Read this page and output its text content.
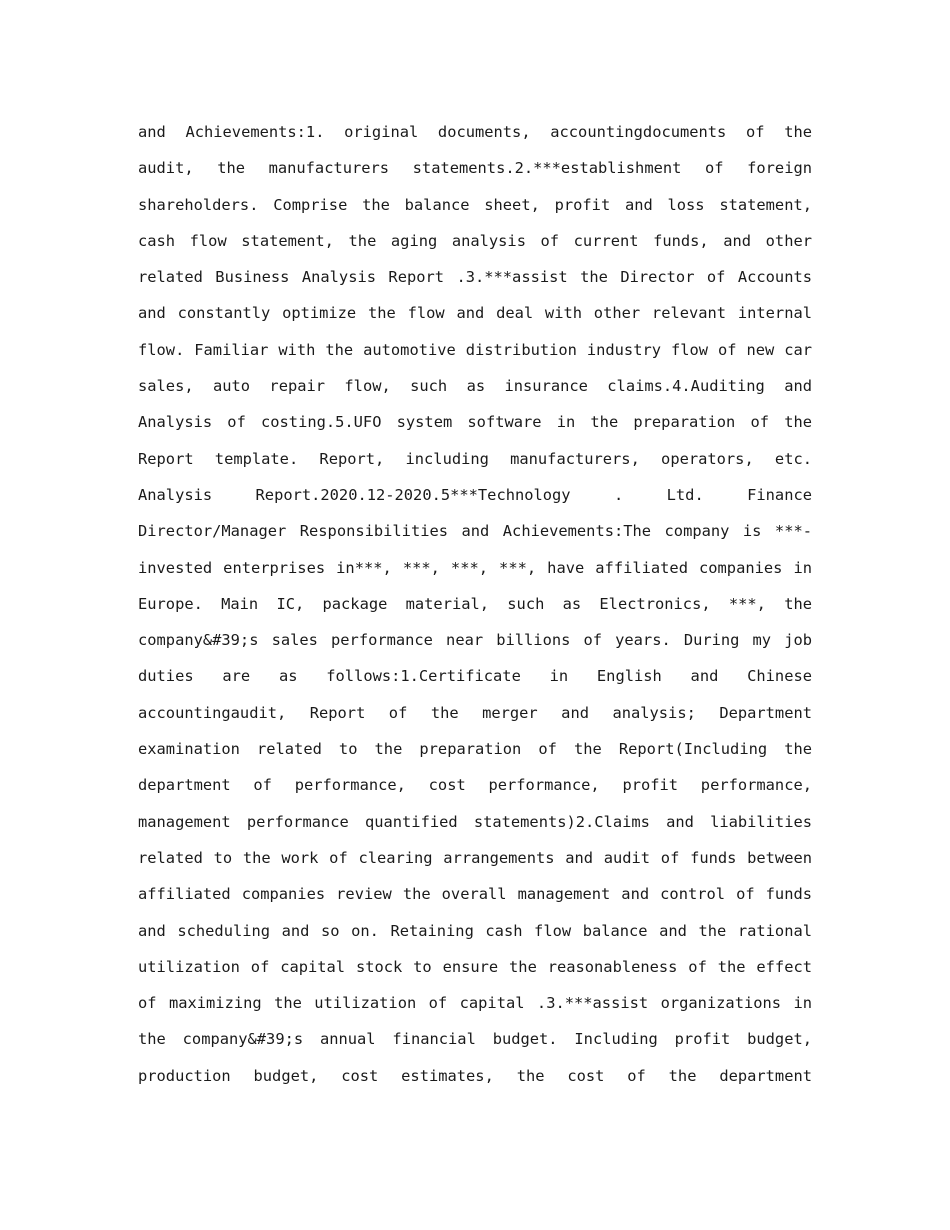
and Achievements:1. original documents, accountingdocuments of the
audit, the manufacturers statements.2.***establishment of foreign
shareholders. Comprise the balance sheet, profit and loss statement,
cash flow statement, the aging analysis of current funds, and other
related Business Analysis Report .3.***assist the Director of Accounts
and constantly optimize the flow and deal with other relevant internal
flow. Familiar with the automotive distribution industry flow of new car
sales, auto repair flow, such as insurance claims.4.Auditing and
Analysis of costing.5.UFO system software in the preparation of the
Report template. Report, including manufacturers, operators, etc.
Analysis Report.2020.12-2020.5***Technology . Ltd. Finance
Director/Manager Responsibilities and Achievements:The company is ***-
invested enterprises in***, ***, ***, ***, have affiliated companies in
Europe. Main IC, package material, such as Electronics, ***, the
company&#39;s sales performance near billions of years. During my job
duties are as follows:1.Certificate in English and Chinese
accountingaudit, Report of the merger and analysis; Department
examination related to the preparation of the Report(Including the
department of performance, cost performance, profit performance,
management performance quantified statements)2.Claims and liabilities
related to the work of clearing arrangements and audit of funds between
affiliated companies review the overall management and control of funds
and scheduling and so on. Retaining cash flow balance and the rational
utilization of capital stock to ensure the reasonableness of the effect
of maximizing the utilization of capital .3.***assist organizations in
the company&#39;s annual financial budget. Including profit budget,
production budget, cost estimates, the cost of the department
